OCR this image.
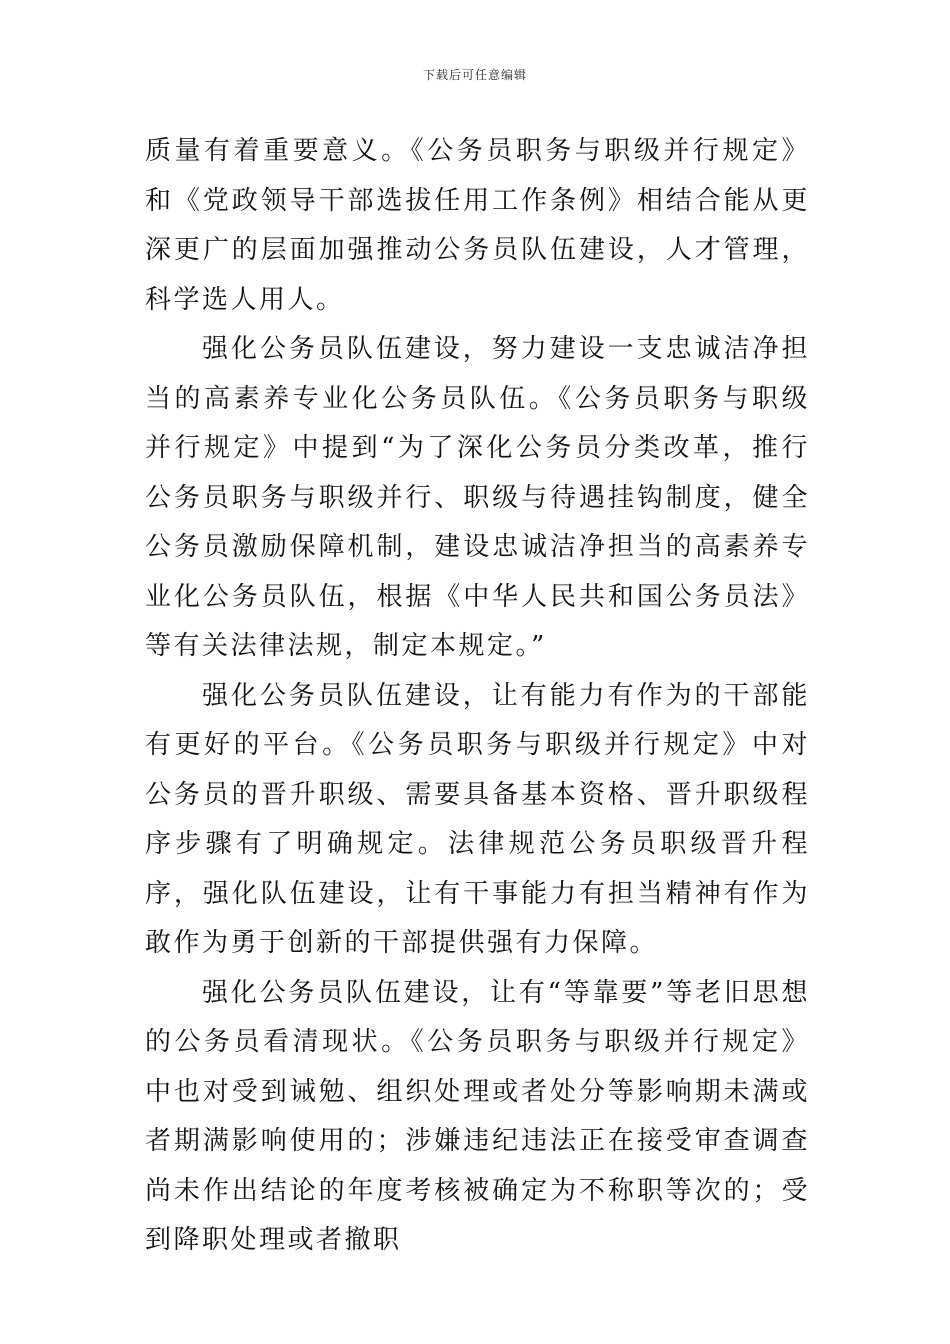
下载后可任意编辑

质量有着重要意义。《公务员职务与职级并行规定》和《党政领导干部选拔任用工作条例》相结合能从更深更广的层面加强推动公务员队伍建设，人才管理，科学选人用人。

强化公务员队伍建设，努力建设一支忠诚洁净担当的高素养专业化公务员队伍。《公务员职务与职级并行规定》中提到“为了深化公务员分类改革，推行公务员职务与职级并行、职级与待遇挂钩制度，健全公务员激励保障机制，建设忠诚洁净担当的高素养专业化公务员队伍，根据《中华人民共和国公务员法》等有关法律法规，制定本规定。”

强化公务员队伍建设，让有能力有作为的干部能有更好的平台。《公务员职务与职级并行规定》中对公务员的晋升职级、需要具备基本资格、晋升职级程序步骤有了明确规定。法律规范公务员职级晋升程序，强化队伍建设，让有干事能力有担当精神有作为敢作为勇于创新的干部提供强有力保障。

强化公务员队伍建设，让有“等靠要”等老旧思想的公务员看清现状。《公务员职务与职级并行规定》中也对受到诫勉、组织处理或者处分等影响期未满或者期满影响使用的；涉嫌违纪违法正在接受审查调查尚未作出结论的年度考核被确定为不称职等次的；受到降职处理或者撤职
